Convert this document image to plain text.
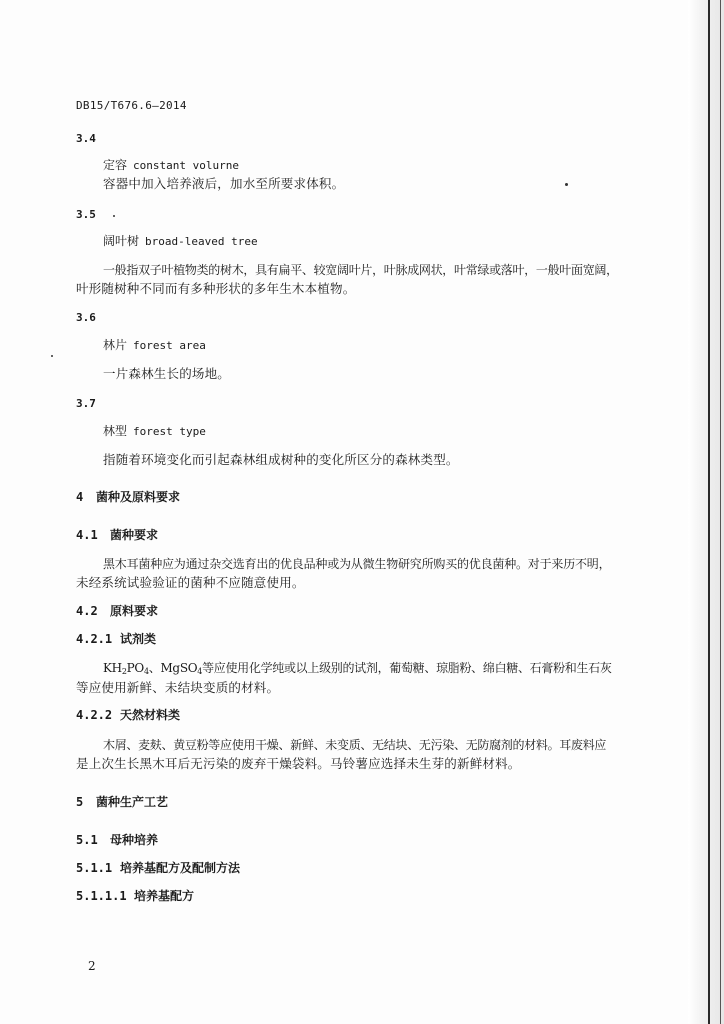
DB15/T676.6—2014
3.4
定容 constant volurne
容器中加入培养液后，加水至所要求体积。
3.5
阔叶树 broad-leaved tree
一般指双子叶植物类的树木，具有扁平、较宽阔叶片，叶脉成网状，叶常绿或落叶，一般叶面宽阔，
叶形随树种不同而有多种形状的多年生木本植物。
3.6
林片 forest area
一片森林生长的场地。
3.7
林型 forest type
指随着环境变化而引起森林组成树种的变化所区分的森林类型。
4 菌种及原料要求
4.1 菌种要求
黑木耳菌种应为通过杂交选育出的优良品种或为从微生物研究所购买的优良菌种。对于来历不明，
未经系统试验验证的菌种不应随意使用。
4.2 原料要求
4.2.1 试剂类
$KH_2PO_4$、MgSO$_4$等应使用化学纯或以上级别的试剂，葡萄糖、琼脂粉、绵白糖、石膏粉和生石灰
等应使用新鲜、未结块变质的材料。
4.2.2 天然材料类
木屑、麦麸、黄豆粉等应使用干燥、新鲜、未变质、无结块、无污染、无防腐剂的材料。耳废料应
是上次生长黑木耳后无污染的废弃干燥袋料。马铃薯应选择未生芽的新鲜材料。
5 菌种生产工艺
5.1 母种培养
5.1.1 培养基配方及配制方法
5.1.1.1 培养基配方
2
